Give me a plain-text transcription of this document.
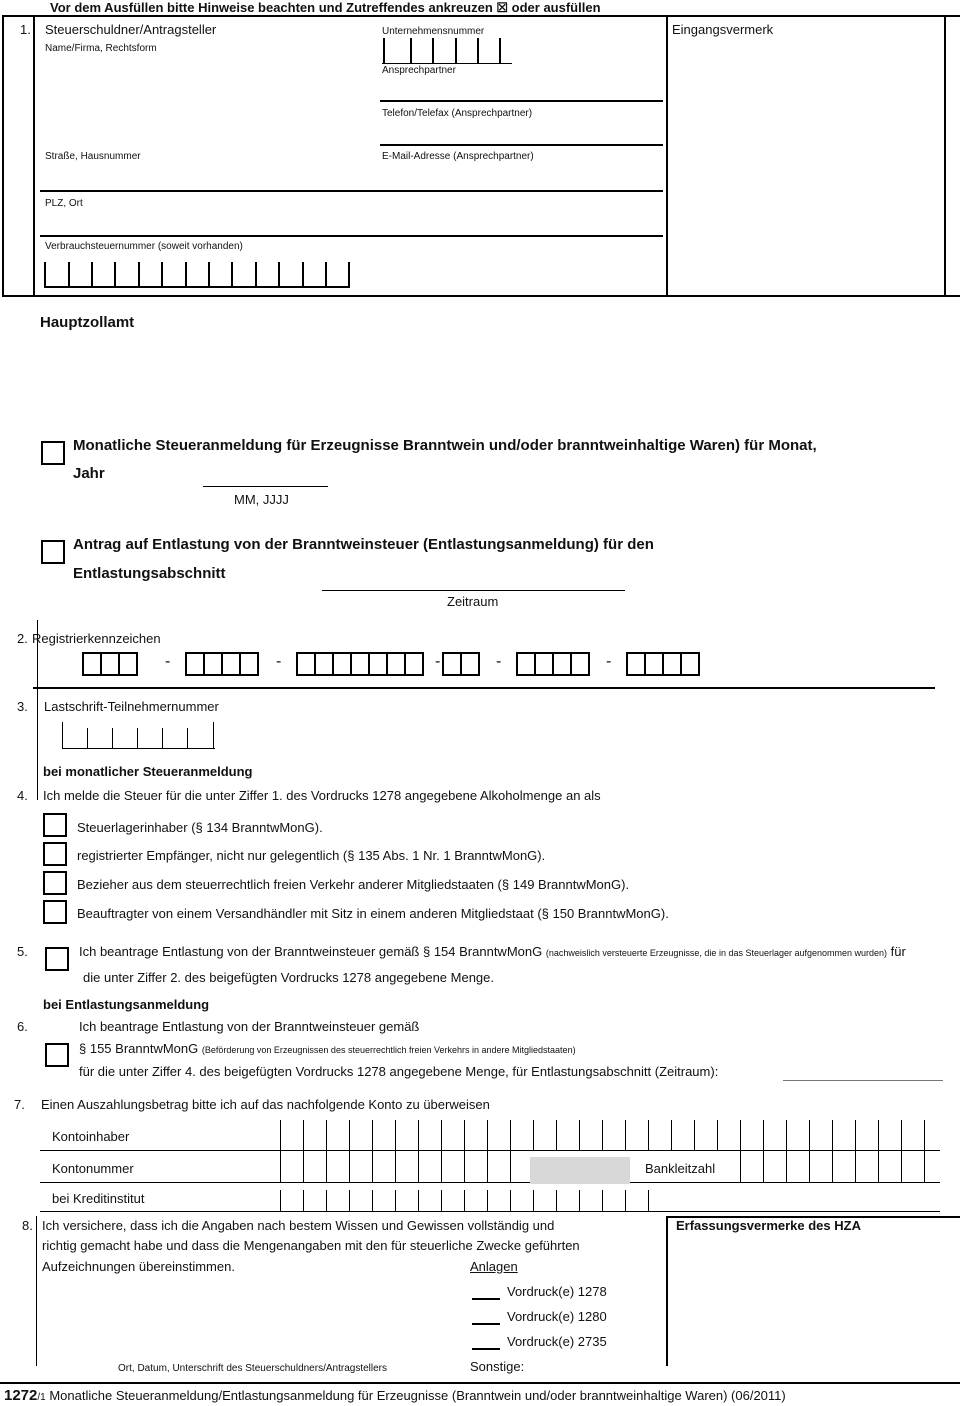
Vor dem Ausfüllen bitte Hinweise beachten und Zutreffendes ankreuzen ☒ oder ausfüllen
1. Steuerschuldner/Antragsteller
Name/Firma, Rechtsform
Unternehmensnummer
Ansprechpartner
Telefon/Telefax (Ansprechpartner)
Straße, Hausnummer	E-Mail-Adresse (Ansprechpartner)
PLZ, Ort
Verbrauchsteuernummer (soweit vorhanden)
Eingangsvermerk
Hauptzollamt
Monatliche Steueranmeldung für Erzeugnisse Branntwein und/oder branntweinhaltige Waren) für Monat,
Jahr
MM, JJJJ
Antrag auf Entlastung von der Branntweinsteuer (Entlastungsanmeldung) für den
Entlastungsabschnitt
Zeitraum
2. Registrierkennzeichen
-	-	-	-	-
3. Lastschrift-Teilnehmernummer
bei monatlicher Steueranmeldung
4. Ich melde die Steuer für die unter Ziffer 1. des Vordrucks 1278 angegebene Alkoholmenge an als
Steuerlagerinhaber (§ 134 BranntwMonG).
registrierter Empfänger, nicht nur gelegentlich (§ 135 Abs. 1 Nr. 1 BranntwMonG).
Bezieher aus dem steuerrechtlich freien Verkehr anderer Mitgliedstaaten (§ 149 BranntwMonG).
Beauftragter von einem Versandhändler mit Sitz in einem anderen Mitgliedstaat (§ 150 BranntwMonG).
5.	Ich beantrage Entlastung von der Branntweinsteuer gemäß § 154 BranntwMonG (nachweislich versteuerte Erzeugnisse, die in das Steuerlager aufgenommen wurden) für
die unter Ziffer 2. des beigefügten Vordrucks 1278 angegebene Menge.
bei Entlastungsanmeldung
6.	Ich beantrage Entlastung von der Branntweinsteuer gemäß
§ 155 BranntwMonG (Beförderung von Erzeugnissen des steuerrechtlich freien Verkehrs in andere Mitgliedstaaten)
für die unter Ziffer 4. des beigefügten Vordrucks 1278 angegebene Menge, für Entlastungsabschnitt (Zeitraum):
7. Einen Auszahlungsbetrag bitte ich auf das nachfolgende Konto zu überweisen
Kontoinhaber
Kontonummer	Bankleitzahl
bei Kreditinstitut
8. Ich versichere, dass ich die Angaben nach bestem Wissen und Gewissen vollständig und
richtig gemacht habe und dass die Mengenangaben mit den für steuerliche Zwecke geführten
Aufzeichnungen übereinstimmen.	Anlagen
Vordruck(e) 1278
Vordruck(e) 1280
Vordruck(e) 2735
Sonstige:
Ort, Datum, Unterschrift des Steuerschuldners/Antragstellers
Erfassungsvermerke des HZA
1272/1 Monatliche Steueranmeldung/Entlastungsanmeldung für Erzeugnisse (Branntwein und/oder branntweinhaltige Waren) (06/2011)
